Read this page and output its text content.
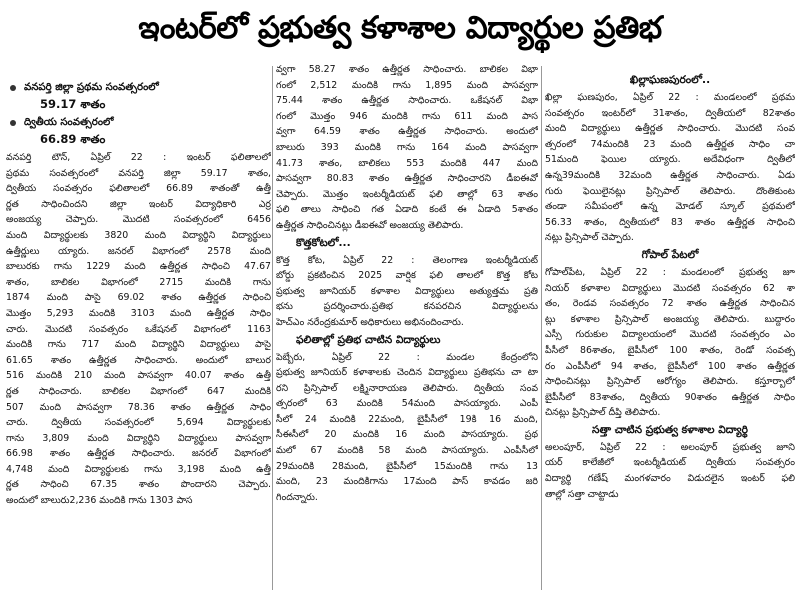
ఇంటర్‌లో ప్రభుత్వ కళాశాల విద్యార్థుల ప్రతిభ
వనపర్తి జిల్లా ప్రథమ సంవత్సరంలో
59.17 శాతం
ద్వితీయ సంవత్సరంలో
66.89 శాతం
వనపర్తి టౌన్, ఏప్రిల్ 22 : ఇంటర్ ఫలితాలలో
ప్రథమ సంవత్సరంలో వనపర్తి జిల్లా 59.17 శాతం,
ద్వితీయ సంవత్సరం ఫలితాలలో 66.89 శాతంతో ఉత్తీ
ర్ణత సాధించిందని జిల్లా ఇంటర్ విద్యాధికారి ఎర్ర
అంజయ్య చెప్పారు. మొదటి సంవత్సరంలో 6456
మంది విద్యార్థులకు 3820 మంది విద్యార్థిని విద్యార్థులు
ఉత్తీర్ణులు య్యారు. జనరల్ విభాగంలో 2578 మంది
బాలురకు గాను 1229 మంది ఉత్తీర్ణత సాధించి 47.67
శాతం, బాలికల విభాగంలో 2715 మందికి గాను
1874 మంది పాసై 69.02 శాతం ఉత్తీర్ణత సాధించి
మొత్తం 5,293 మందికి 3103 మంది ఉత్తీర్ణత సాధిం
చారు. మొదటి సంవత్సరం ఒకేషనల్ విభాగంలో 1163
మందికి గాను 717 మంది విద్యార్థిని విద్యార్థులు పాసై
61.65 శాతం ఉత్తీర్ణత సాధించారు. అందులో బాలుర
516 మందికి 210 మంది పాసవ్వగా 40.07 శాతం ఉత్తీ
ర్ణత సాధించారు. బాలికల విభాగంలో 647 మందికి
507 మంది పాసవ్వగా 78.36 శాతం ఉత్తీర్ణత సాధిం
చారు. ద్వితీయ సంవత్సరంలో 5,694 విద్యార్థులకు
గాను 3,809 మంది విద్యార్థిని విద్యార్థులు పాసవ్వగా
66.98 శాతం ఉత్తీర్ణత సాధించారు. జనరల్ విభాగంలో
4,748 మంది విద్యార్థులకు గాను 3,198 మంది ఉత్తీ
ర్ణత సాధించి 67.35 శాతం పొందారని చెప్పారు.
అందులో బాలురు2,236 మందికి గాను 1303 పాస
వ్వగా 58.27 శాతం ఉత్తీర్ణత సాధించారు. బాలికల విభా
గంలో 2,512 మందికి గాను 1,895 మంది పాసవ్వగా
75.44 శాతం ఉత్తీర్ణత సాధించారు. ఒకేషనల్ విభా
గంలో మొత్తం 946 మందికి గాను 611 మంది పాస
వ్వగా 64.59 శాతం ఉత్తీర్ణత సాధించారు. అందులో
బాలురు 393 మందికి గాను 164 మంది పాసవ్వగా
41.73 శాతం, బాలికలు 553 మందికి 447 మంది
పాసవ్వగా 80.83 శాతం ఉత్తీర్ణత సాధించారని డీఐఈవో
చెప్పారు. మొత్తం ఇంటర్మీడియట్ ఫలి తాల్లో 63 శాతం
ఫలి తాలు సాధించి గత ఏడాది కంటే ఈ ఏడాది 5శాతం
ఉత్తీర్ణత సాధించినట్లు డీఐఈవో అంజయ్య తెలిపారు.
కొత్తకోటలో...
కొత్త కోట, ఏప్రిల్ 22 : తెలంగాణ ఇంటర్మీడియట్
బోర్డు ప్రకటించిన 2025 వార్షిక ఫలి తాలలో కొత్త కోట
ప్రభుత్వ జూనియర్ కళాశాల విద్యార్థులు అత్యుత్తమ ప్రతి
భను ప్రదర్శించారు.ప్రతిభ కనపరచిన విద్యార్థులను
హెచ్ఎం నరేంద్రకుమార్ అధికారులు అభినందించారు.
ఫలితాల్లో ప్రతిభ చాటిన విద్యార్థులు
పెబ్బేరు, ఏప్రిల్ 22 : మండల కేంద్రంలోని
ప్రభుత్వ జూనియర్ కళాశాలకు చెందిన విద్యార్థులు ప్రతిభను చా టా
రని ప్రిన్సిపాల్ లక్ష్మినారాయణ తెలిపారు. ద్వితీయ సంవ
త్సరంలో 63 మందికి 54మంది పాసయ్యారు. ఎంపీ
సీలో 24 మందికి 22మంది, బైపీసీలో 19కి 16 మంది,
సీఈసీలో 20 మందికి 16 మంది పాసయ్యారు. ప్రథ
మలో 67 మందికి 58 మంది పాసయ్యారు. ఎంపీసీలో
29మందికి 28మంది, బైపీసీలో 15మందికి గాను 13
మంది, 23 మందికిగాను 17మంది పాస్ కావడం జరి
గిందన్నారు.
ఖిల్లాఘణపురంలో..
ఖిల్లా ఘణపురం, ఏప్రిల్ 22 : మండలంలో ప్రథమ
సంవత్సరం ఇంటర్‌లో 31శాతం, ద్వితీయలో 82శాతం
మంది విద్యార్థులు ఉత్తీర్ణత సాధించారు. మొదటి సంవ
త్సరంలో 74మందికి 23 మంది ఉత్తీర్ణత సాధిం చా
51మంది ఫెయిల య్యారు. అదేవిధంగా ద్వితీలో
ఉన్న39మందికి 32మంది ఉత్తీర్ణత సాధించారు. ఏడు
గురు ఫెయిలైనట్లు ప్రిన్సిపాల్ తెలిపారు. దొంతికుంట
తండా సమీపంలో ఉన్న మోడల్ స్కూల్ ప్రథమలో
56.33 శాతం, ద్వితీయలో 83 శాతం ఉత్తీర్ణత సాధించి
నట్లు ప్రిన్సిపాల్ చెప్పారు.
గోపాల్ పేటలో
గోపాల్‌పేట, ఏప్రిల్ 22 : మండలంలో ప్రభుత్వ జూ
నియర్ కళాశాల విద్యార్థులు మొదటి సంవత్సరం 62 శా
తం, రెండవ సంవత్సరం 72 శాతం ఉత్తీర్ణత సాధించిన
ట్లు కళాశాల ప్రిన్సిపాల్ అంజయ్య తెలిపారు. బుద్దారం
ఎస్సీ గురుకుల విద్యాలయంలో మొదటి సంవత్సరం ఎం
పీసీలో 86శాతం, బైపీసీలో 100 శాతం, రెండో సంవత్స
రం ఎంపీసీలో 94 శాతం, బైపీసీలో 100 శాతం ఉత్తీర్ణత
సాధించినట్లు ప్రిన్సిపాల్ ఆరోగ్యం తెలిపారు. కస్తూర్బాలో
బైపీసీలో 83శాతం, ద్వితీయ 90శాతం ఉత్తీర్ణత సాధిం
చినట్లు ప్రిన్సిపాల్ దీప్తి తెలిపారు.
సత్తా చాటిన ప్రభుత్వ కళాశాల విద్యార్థి
అలంపూర్, ఏప్రిల్ 22 : అలంపూర్ ప్రభుత్వ జూని
యర్ కాలేజీలో ఇంటర్మీడియట్ ద్వితీయ సంవత్సరం
విద్యార్థి గణేష్ మంగళవారం విడుదలైన ఇంటర్ ఫలి
తాల్లో సత్తా చాట్టాడు
